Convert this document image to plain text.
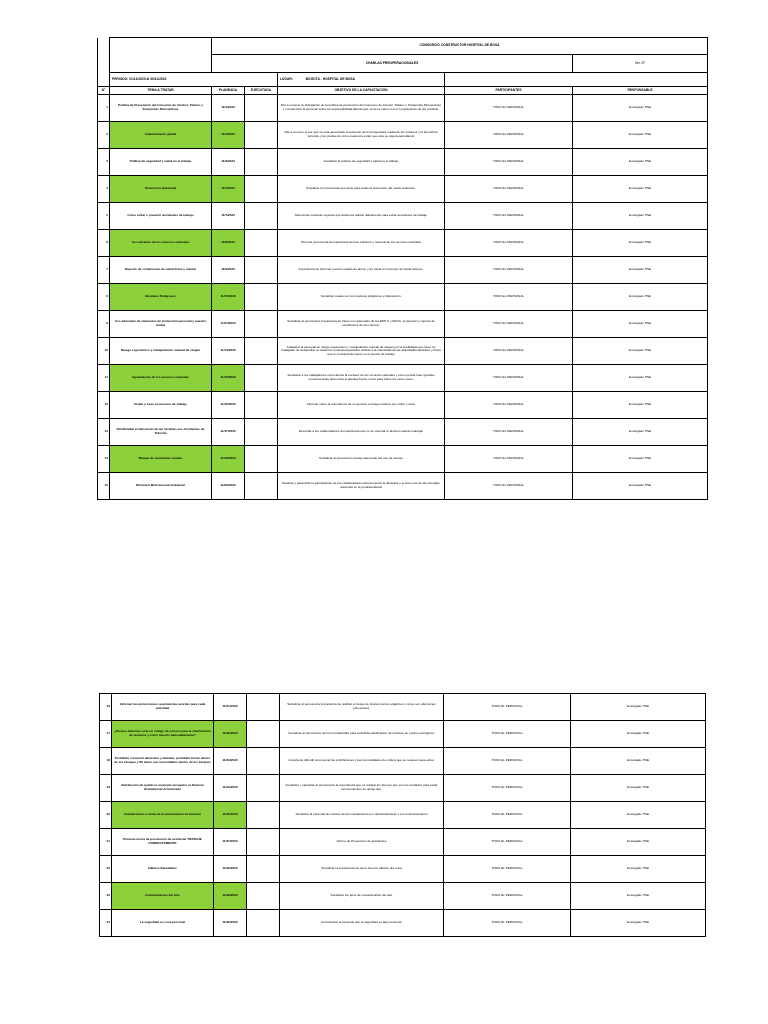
		CONSORCIO CONSTRUCTOR HOSPITAL DE BOSA				
		CHARLAS PREOPERACIONALES				Ser CF
	PERIODO: 01/11/2023 al 30/11/2023			LUGAR: BOGOTA - HOSPITAL DE BOSA		
N°	TEMA A TRATAR	PLANEADA	EJECUTADA	OBJETIVO DE LA CAPACITACION	PARTICIPANTES	RESPONSABLE
1	Política de Prevención del Consumo de Alcohol, Tabaco y Sustancias Psicoactivas	11/1/2023		Dar a conocer la divulgación de la política de prevención del Consumo de Alcohol, Tabaco y Sustancias Psicoactivas y concientizar al personal sobre la responsabilidad laboral que va de la mano con el cumplimiento de las políticas.	TODO EL PERSONAL	Encargado HSE
2	Calentamiento global	11/2/2023		Dar a conocer el por qué se está generando el aumento de la temperatura media de los océanos y la atmósfera terrestre y las pautas de cómo podemos evitar que este se siga desarrollando	TODO EL PERSONAL	Encargado HSE
3	Política de seguridad y salud en el trabajo	11/3/2023		Socializar la política de seguridad y salud en el trabajo	TODO EL PERSONAL	Encargado HSE
4	Protección ambiental	11/4/2023		Socializar la importancia que tiene para todos la protección del medio ambiente.	TODO EL PERSONAL	Encargado HSE
5	Como evitar o prevenir accidentes de trabajo	11/7/2023		Mencionar prácticas seguras que debemos aplicar diariamente para evitar accidentes de trabajo	TODO EL PERSONAL	Encargado HSE
6	Uso eficiente de los recursos naturales	11/8/2023		Informar al personal la importancia del uso eficiente y racional de los recursos naturales	TODO EL PERSONAL	Encargado HSE
7	Reporte de condiciones de salud física y mental	11/9/2023		Importancia de informar nuestro estado de ánimo y de salud al momento de iniciar labores.	TODO EL PERSONAL	Encargado HSE
8	Residuos Peligrosos	11/10/2023		Socializar cuales son los residuos peligrosos y disposición.	TODO EL PERSONAL	Encargado HSE
9	Uso adecuado de elementos de protección personal y nuestro cuidas	11/11/2023		Socializar al personal la importancia de hacer uso adecuado de los EPP´S y EPCC, inspección y reporte de condiciones de los mismos.	TODO EL PERSONAL	Encargado HSE
10	Riesgo ergonómico y manipulación manual de cargas	11/14/2023		Capacitar al personal en riesgo ergonómico y manipulación manual de cargas por la posibilidad que tiene un trabajador de desarrollar un trastorno musculoesquelético debido a la intensidad de las actividades laborales y física que le corresponde hacer en el puesto de trabajo	TODO EL PERSONAL	Encargado HSE
11	Agotamiento de los recursos naturales	11/15/2023		Socializar a los trabajadores como afecta la escasez de los recursos naturales y como podría traer grandes consecuencias tanto para el planeta Tierra, como para todos los seres vivos.	TODO EL PERSONAL	Encargado HSE
12	Orden y Aseo en puestos de trabajo	11/16/2023		Informar sobre la importancia de no generar el riesgo locativo por orden y aseo	TODO EL PERSONAL	Encargado HSE
13	Día Mundial en Recuerdo de las Víctimas por Accidentes de Tránsito	11/17/2023		Recordar a los colaboradores la importancia que no se mezclar el alcohol cuando manejan	TODO EL PERSONAL	Encargado HSE
14	Manejo de sustancias usadas	11/18/2023		Socializar al personal el manejo adecuado del uso de aceites	TODO EL PERSONAL	Encargado HSE
15	Dinámica Motivacional ambiental	11/20/2023		Realizar y garantizar la participación de los colaboradores para fomentar la dinámica y el buen uso de las energías aunemas en la jornada laboral	TODO EL PERSONAL	Encargado HSE
16	Informar las protecciones respiratorias acordes para cada actividad	11/21/2023		Socializar al personal la importancia de realizar el riesgo de tóxicas polvos orgánicos y cómo son afecciones pulmonares.	TODO EL PERSONAL	Encargado HSE
17	¿Porque debemos usar un código de colores para la clasificación de residuos y como hacerlo adecuadamente?	11/22/2023		Socializar al personal la norma normatividad para la debida clasificación de residuos en puntos ecológicos.	TODO EL PERSONAL	Encargado HSE
18	Prohibido consumir alimentos y bebidas, prohibido fumar dentro de los bloques y fill hacer sus necesidades dentro de los bloques	11/23/2023		Importante difundir al personal las prohibiciones y las inmoralidades de cultura que se requiere para evitar.	TODO EL PERSONAL	Encargado HSE
19	Retribución de químicos mezcado encuentro el Sistema Globalmente Armonizado	11/24/2023		Socializar y capacitar al personal de la importancia que es retratar los buenos que son los rotulados para evitar inconvenientes de riesgo tipo.	TODO EL PERSONAL	Encargado HSE
20	Inundaciones a causa de la acumulación de basuras	11/25/2023		Socializar al personal las causas de las inundaciones por desbordamiento y por encharcamiento	TODO EL PERSONAL	Encargado HSE
21	Primera norma de prevención de accidente TRABAJE CORRECTAMENTE	11/27/2023		Norma de Prevención de accidentes	TODO EL PERSONAL	Encargado HSE
22	Hábitos Saludables	11/28/2023		Socializar la importancia de tener buenos hábitos día a día	TODO EL PERSONAL	Encargado HSE
23	Contaminación del Aire	11/29/2023		Socializar los tipos de contaminación del aire	TODO EL PERSONAL	Encargado HSE
24	La seguridad es cosa personal	11/30/2023		Concientizar al personal que la seguridad es algo personal.	TODO EL PERSONAL	Encargado HSE
